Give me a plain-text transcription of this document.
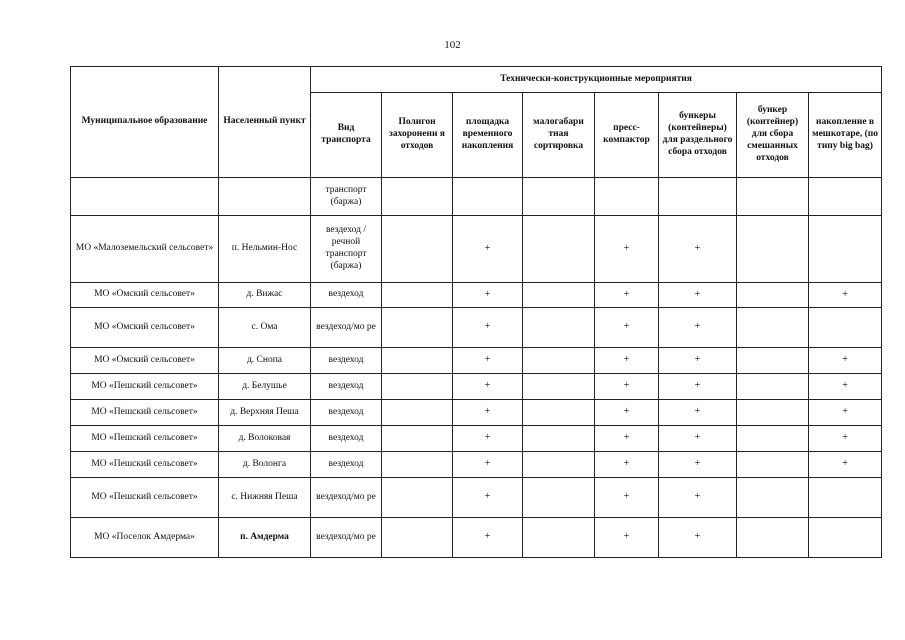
102
Муниципальное образование	Населенный пункт	Технически-конструкционные мероприятия							
		Вид транспорта	Полигон захоронени я отходов	площадка временного накопления	малогабари тная сортировка	пресс-компактор	бункеры (контейнеры) для раздельного сбора отходов	бункер (контейнер) для сбора смешанных отходов	накопление в мешкотаре, (по типу big bag)
		транспорт (баржа)							
МО «Малоземельский сельсовет»	п. Нельмин-Нос	вездеход / речной транспорт (баржа)		+		+	+		
МО «Омский сельсовет»	д. Вижас	вездеход		+		+	+		+
МО «Омский сельсовет»	с. Ома	вездеход/мо ре		+		+	+		
МО «Омский сельсовет»	д. Снопа	вездеход		+		+	+		+
МО «Пешский сельсовет»	д. Белушье	вездеход		+		+	+		+
МО «Пешский сельсовет»	д. Верхняя Пеша	вездеход		+		+	+		+
МО «Пешский сельсовет»	д. Волоковая	вездеход		+		+	+		+
МО «Пешский сельсовет»	д. Волонга	вездеход		+		+	+		+
МО «Пешский сельсовет»	с. Нижняя Пеша	вездеход/мо ре		+		+	+		
МО «Поселок Амдерма»	п. Амдерма	вездеход/мо ре		+		+	+		
